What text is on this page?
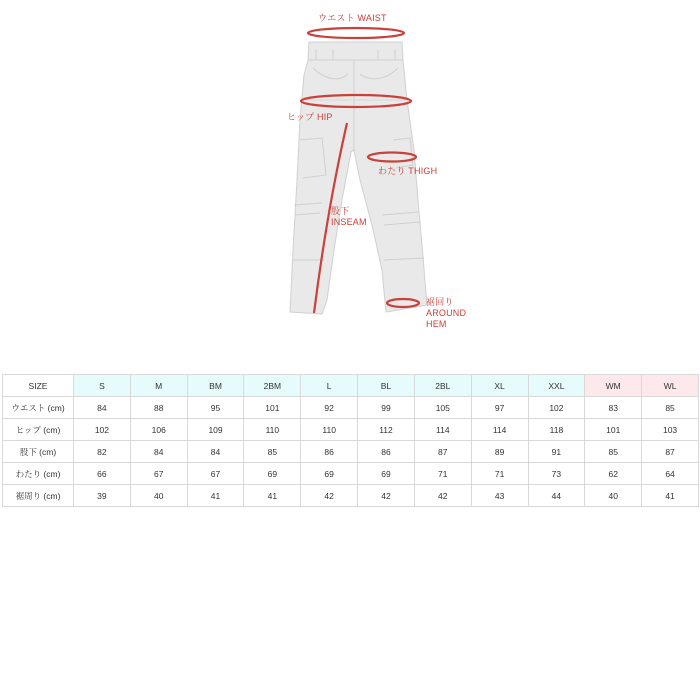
ウエスト WAIST
ヒップ HIP
わたり THIGH
股下
INSEAM
裾回り
AROUND
HEM
SIZE	S	M	BM	2BM	L	BL	2BL	XL	XXL	WM	WL
ウエスト (cm)	84	88	95	101	92	99	105	97	102	83	85
ヒップ (cm)	102	106	109	110	110	112	114	114	118	101	103
股下 (cm)	82	84	84	85	86	86	87	89	91	85	87
わたり (cm)	66	67	67	69	69	69	71	71	73	62	64
裾周り (cm)	39	40	41	41	42	42	42	43	44	40	41
